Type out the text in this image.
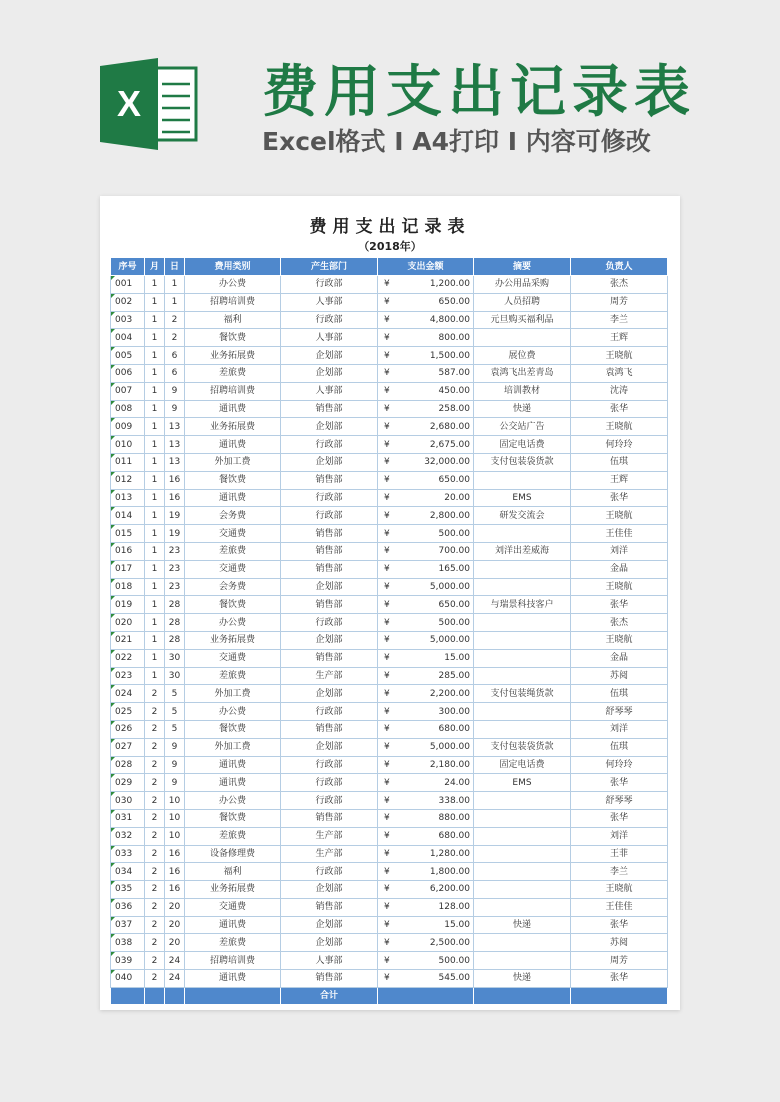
X 费用支出记录表
Excel格式 I A4打印 I 内容可修改
费用支出记录表
（2018年）
序号	月	日	费用类别	产生部门	支出金额	摘要	负责人
001	1	1	办公费	行政部	¥ 1,200.00	办公用品采购	张杰
002	1	1	招聘培训费	人事部	¥ 650.00	人员招聘	周芳
003	1	2	福利	行政部	¥ 4,800.00	元旦购买福利品	李兰
004	1	2	餐饮费	人事部	¥ 800.00		王辉
005	1	6	业务拓展费	企划部	¥ 1,500.00	展位费	王晓航
006	1	6	差旅费	企划部	¥ 587.00	袁鸿飞出差青岛	袁鸿飞
007	1	9	招聘培训费	人事部	¥ 450.00	培训教材	沈涛
008	1	9	通讯费	销售部	¥ 258.00	快递	张华
009	1	13	业务拓展费	企划部	¥ 2,680.00	公交站广告	王晓航
010	1	13	通讯费	行政部	¥ 2,675.00	固定电话费	何玲玲
011	1	13	外加工费	企划部	¥ 32,000.00	支付包装袋货款	伍琪
012	1	16	餐饮费	销售部	¥ 650.00		王辉
013	1	16	通讯费	行政部	¥ 20.00	EMS	张华
014	1	19	会务费	行政部	¥ 2,800.00	研发交流会	王晓航
015	1	19	交通费	销售部	¥ 500.00		王佳佳
016	1	23	差旅费	销售部	¥ 700.00	刘洋出差威海	刘洋
017	1	23	交通费	销售部	¥ 165.00		金晶
018	1	23	会务费	企划部	¥ 5,000.00		王晓航
019	1	28	餐饮费	销售部	¥ 650.00	与瑞景科技客户	张华
020	1	28	办公费	行政部	¥ 500.00		张杰
021	1	28	业务拓展费	企划部	¥ 5,000.00		王晓航
022	1	30	交通费	销售部	¥ 15.00		金晶
023	1	30	差旅费	生产部	¥ 285.00		苏阅
024	2	5	外加工费	企划部	¥ 2,200.00	支付包装绳货款	伍琪
025	2	5	办公费	行政部	¥ 300.00		舒琴琴
026	2	5	餐饮费	销售部	¥ 680.00		刘洋
027	2	9	外加工费	企划部	¥ 5,000.00	支付包装袋货款	伍琪
028	2	9	通讯费	行政部	¥ 2,180.00	固定电话费	何玲玲
029	2	9	通讯费	行政部	¥ 24.00	EMS	张华
030	2	10	办公费	行政部	¥ 338.00		舒琴琴
031	2	10	餐饮费	销售部	¥ 880.00		张华
032	2	10	差旅费	生产部	¥ 680.00		刘洋
033	2	16	设备修理费	生产部	¥ 1,280.00		王菲
034	2	16	福利	行政部	¥ 1,800.00		李兰
035	2	16	业务拓展费	企划部	¥ 6,200.00		王晓航
036	2	20	交通费	销售部	¥ 128.00		王佳佳
037	2	20	通讯费	企划部	¥ 15.00	快递	张华
038	2	20	差旅费	企划部	¥ 2,500.00		苏阅
039	2	24	招聘培训费	人事部	¥ 500.00		周芳
040	2	24	通讯费	销售部	¥ 545.00	快递	张华
				合计			
